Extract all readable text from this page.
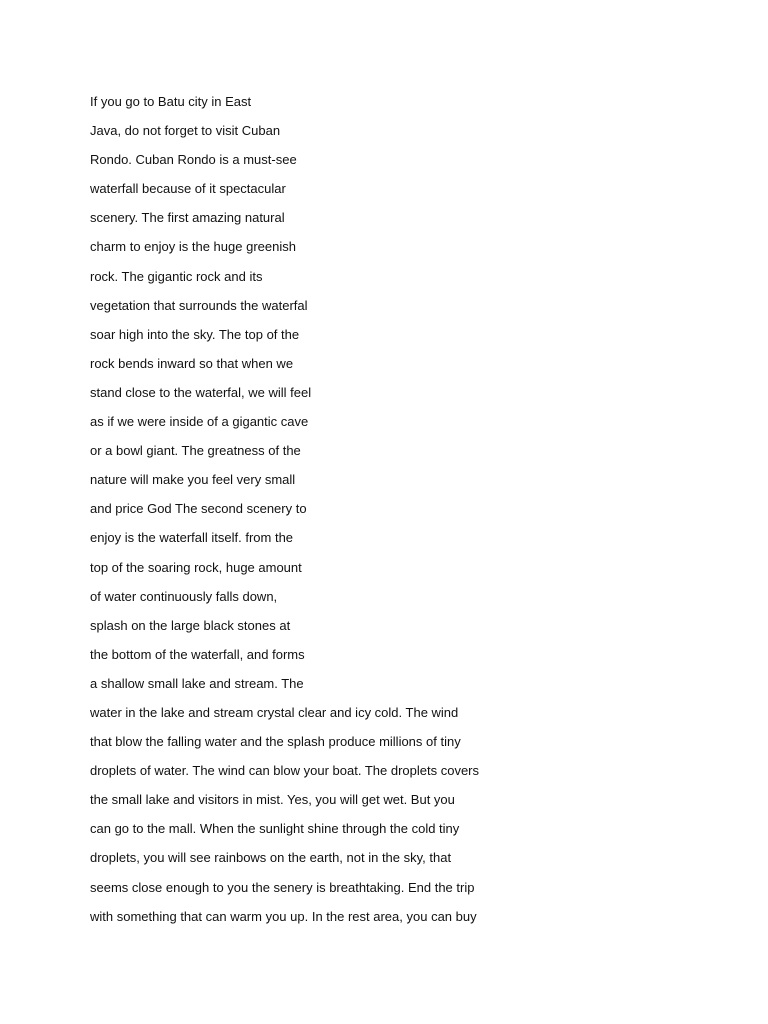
If you go to Batu city in East
Java, do not forget to visit Cuban
Rondo. Cuban Rondo is a must-see
waterfall because of it spectacular
scenery. The first amazing natural
charm to enjoy is the huge greenish
rock. The gigantic rock and its
vegetation that surrounds the waterfal
soar high into the sky. The top of the
rock bends inward so that when we
stand close to the waterfal, we will feel
as if we were inside of a gigantic cave
or a bowl giant. The greatness of the
nature will make you feel very small
and price God The second scenery to
enjoy is the waterfall itself. from the
top of the soaring rock, huge amount
of water continuously falls down,
splash on the large black stones at
the bottom of the waterfall, and forms
a shallow small lake and stream. The
water in the lake and stream crystal clear and icy cold. The wind
that blow the falling water and the splash produce millions of tiny
droplets of water. The wind can blow your boat. The droplets covers
the small lake and visitors in mist. Yes, you will get wet. But you
can go to the mall. When the sunlight shine through the cold tiny
droplets, you will see rainbows on the earth, not in the sky, that
seems close enough to you the senery is breathtaking. End the trip
with something that can warm you up. In the rest area, you can buy
